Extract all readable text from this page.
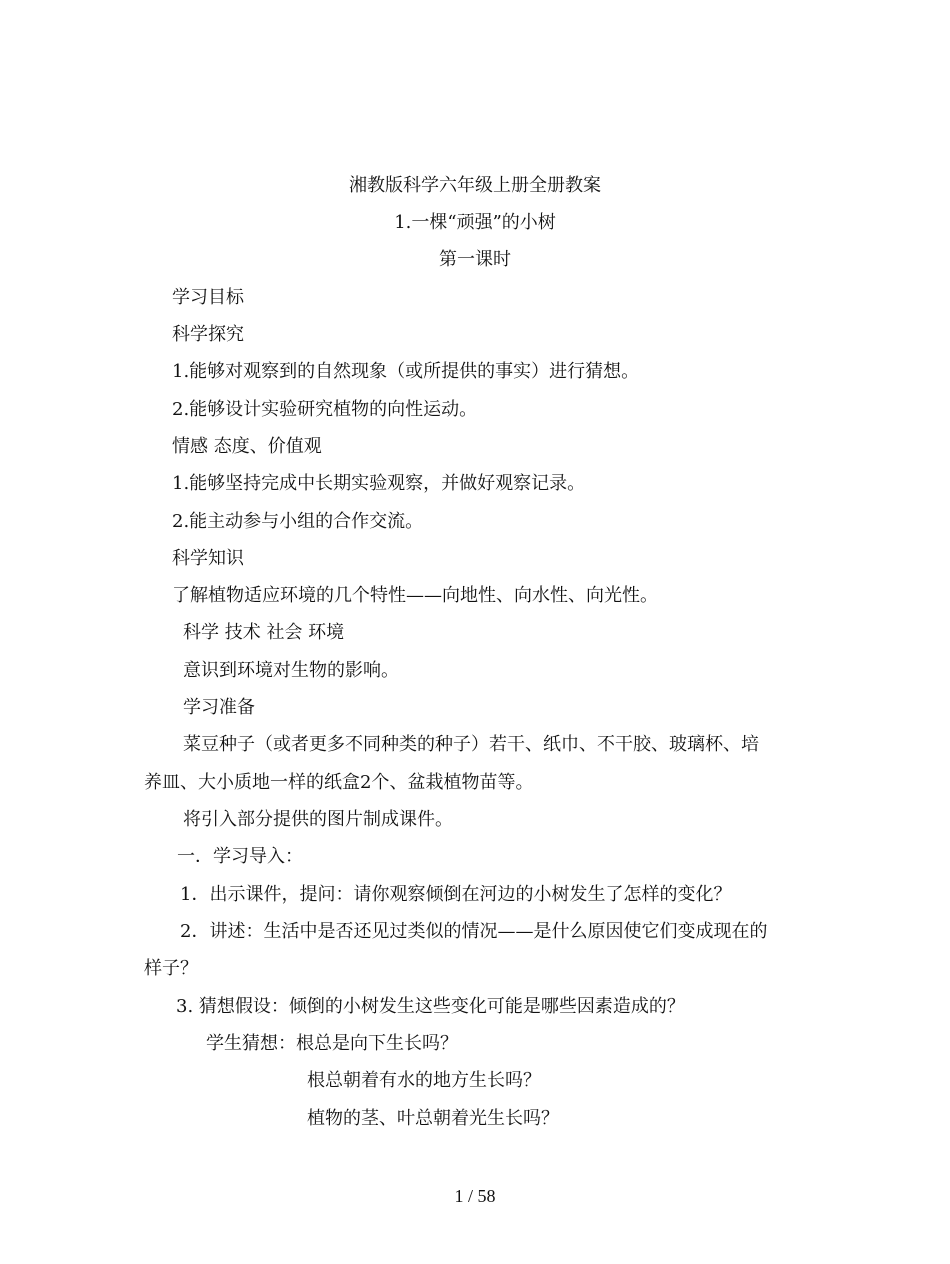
湘教版科学六年级上册全册教案
1.一棵“顽强”的小树
第一课时
学习目标
科学探究
1.能够对观察到的自然现象（或所提供的事实）进行猜想。
2.能够设计实验研究植物的向性运动。
情感 态度、价值观
1.能够坚持完成中长期实验观察，并做好观察记录。
2.能主动参与小组的合作交流。
科学知识
了解植物适应环境的几个特性——向地性、向水性、向光性。
科学 技术 社会 环境
意识到环境对生物的影响。
学习准备
菜豆种子（或者更多不同种类的种子）若干、纸巾、不干胶、玻璃杯、培
养皿、大小质地一样的纸盒2个、盆栽植物苗等。
将引入部分提供的图片制成课件。
一．学习导入：
1．出示课件，提问：请你观察倾倒在河边的小树发生了怎样的变化？
2．讲述：生活中是否还见过类似的情况——是什么原因使它们变成现在的
样子？
3. 猜想假设：倾倒的小树发生这些变化可能是哪些因素造成的？
学生猜想：根总是向下生长吗？
根总朝着有水的地方生长吗？
植物的茎、叶总朝着光生长吗？
1 / 58
